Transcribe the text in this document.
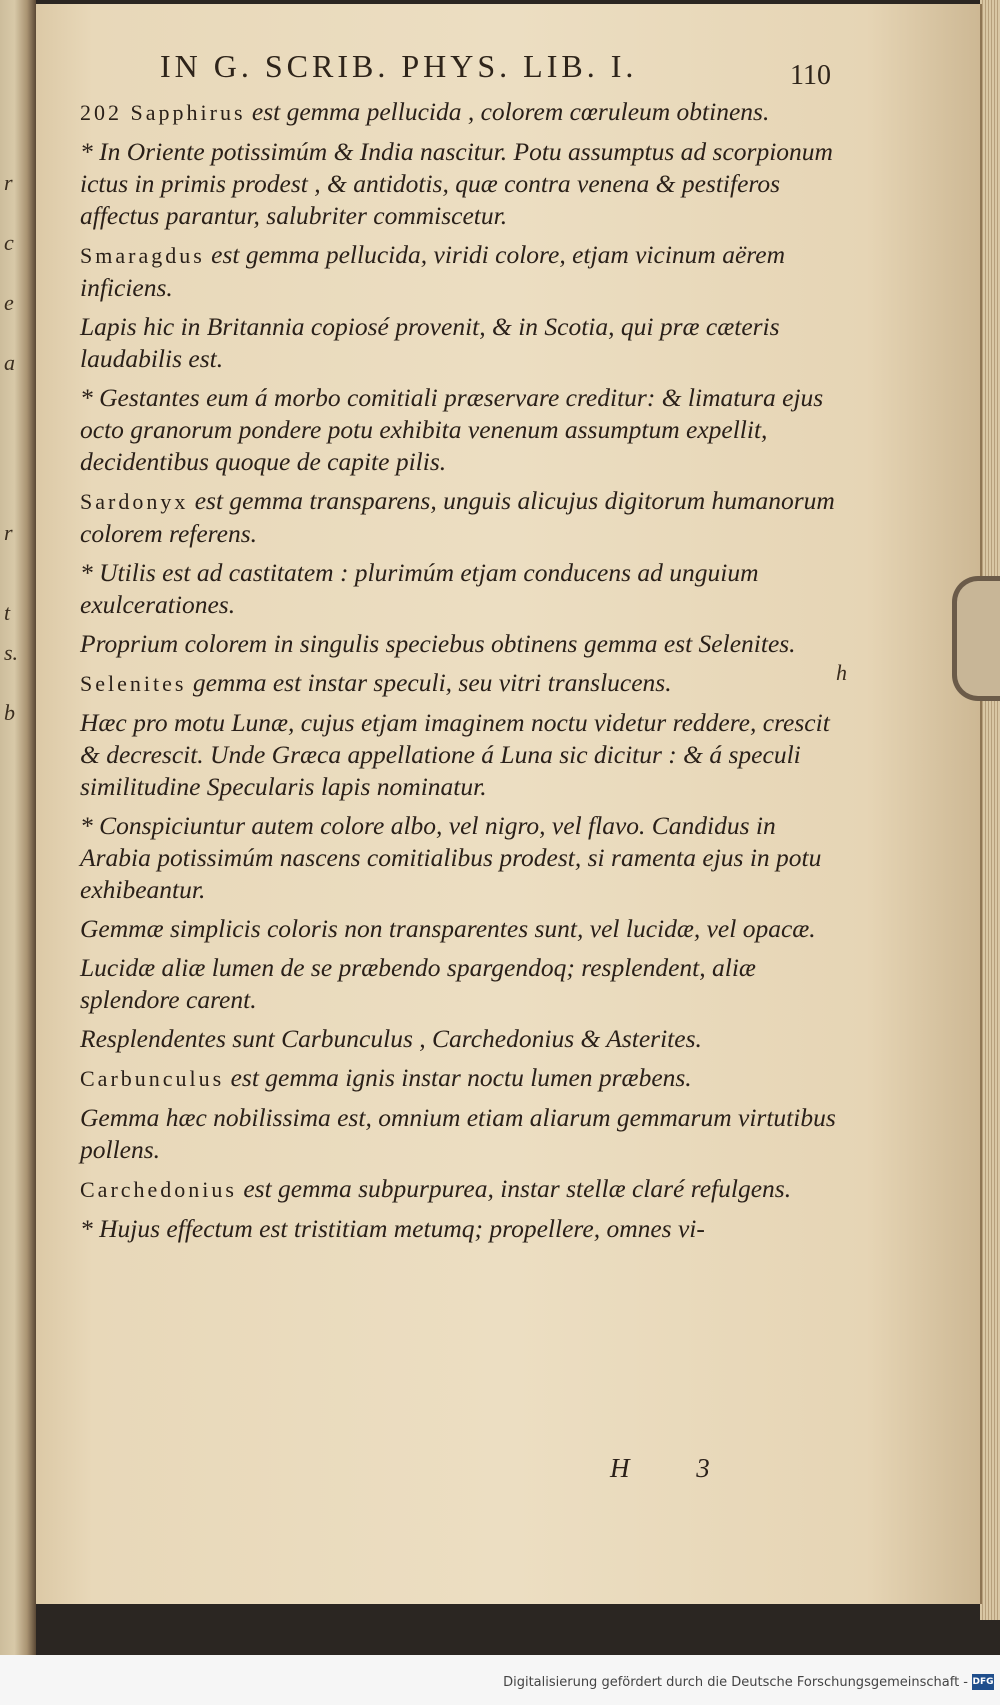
r
c
e
a
r
t
s.
b
h
IN G. SCRIB. PHYS. LIB. I.	110

202 Sapphirus est gemma pellucida , colorem cœruleum obtinens.

* In Oriente potissimúm & India nascitur. Potu assumptus ad scorpionum ictus in primis prodest , & antidotis, quæ contra venena & pestiferos affectus parantur, salubriter commiscetur.

Smaragdus est gemma pellucida, viridi colore, etjam vicinum aërem inficiens.

Lapis hic in Britannia copiosé provenit, & in Scotia, qui præ cæteris laudabilis est.

* Gestantes eum á morbo comitiali præservare creditur: & limatura ejus octo granorum pondere potu exhibita venenum assumptum expellit, decidentibus quoque de capite pilis.

Sardonyx est gemma transparens, unguis alicujus digitorum humanorum colorem referens.

* Utilis est ad castitatem : plurimúm etjam conducens ad unguium exulcerationes.

Proprium colorem in singulis speciebus obtinens gemma est Selenites.

Selenites gemma est instar speculi, seu vitri translucens.

Hæc pro motu Lunæ, cujus etjam imaginem noctu videtur reddere, crescit & decrescit. Unde Græca appellatione á Luna sic dicitur : & á speculi similitudine Specularis lapis nominatur.

* Conspiciuntur autem colore albo, vel nigro, vel flavo. Candidus in Arabia potissimúm nascens comitialibus prodest, si ramenta ejus in potu exhibeantur.

Gemmæ simplicis coloris non transparentes sunt, vel lucidæ, vel opacæ.

Lucidæ aliæ lumen de se præbendo spargendoq; resplendent, aliæ splendore carent.

Resplendentes sunt Carbunculus , Carchedonius & Asterites.

Carbunculus est gemma ignis instar noctu lumen præbens.

Gemma hæc nobilissima est, omnium etiam aliarum gemmarum virtutibus pollens.

Carchedonius est gemma subpurpurea, instar stellæ claré refulgens.

* Hujus effectum est tristitiam metumq; propellere, omnes vi-

H 3
Digitalisierung gefördert durch die Deutsche Forschungsgemeinschaft - DFG
